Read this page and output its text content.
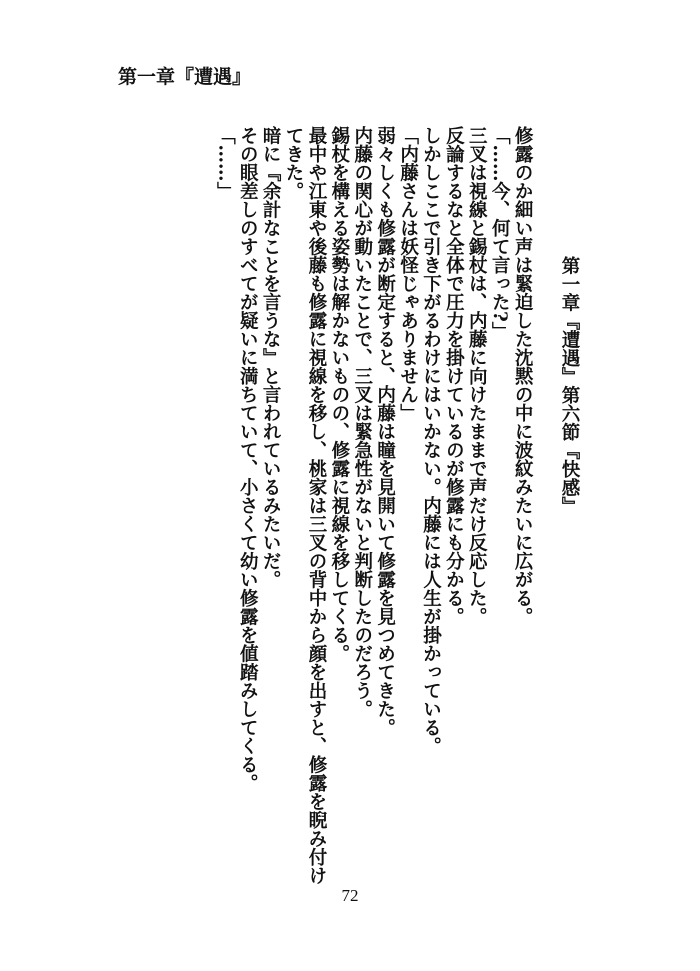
第一章『遭遇』
第一章『遭遇』第六節『快感』

修露のか細い声は緊迫した沈黙の中に波紋みたいに広がる。

「……今、何て言った?」

三叉は視線と錫杖は、内藤に向けたままで声だけ反応した。

反論するなと全体で圧力を掛けているのが修露にも分かる。

しかしここで引き下がるわけにはいかない。内藤には人生が掛かっている。

「内藤さんは妖怪じゃありません」

弱々しくも修露が断定すると、内藤は瞳を見開いて修露を見つめてきた。

内藤の関心が動いたことで、三叉は緊急性がないと判断したのだろう。

錫杖を構える姿勢は解かないものの、修露に視線を移してくる。

最中や江東や後藤も修露に視線を移し、桃家は三叉の背中から顔を出すと、修露を睨み付け

てきた。

暗に『余計なことを言うな』と言われているみたいだ。

その眼差しのすべてが疑いに満ちていて、小さくて幼い修露を値踏みしてくる。

「……」

72
